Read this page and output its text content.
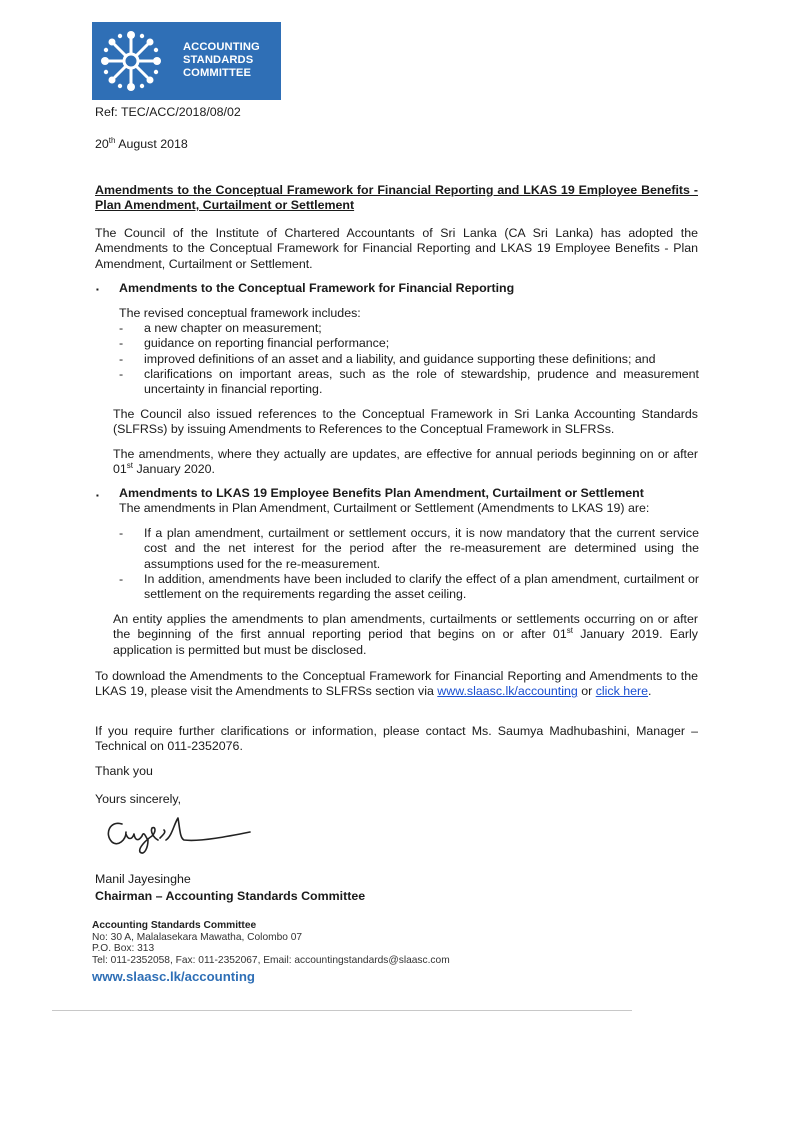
ACCOUNTING
STANDARDS
COMMITTEE
Ref: TEC/ACC/2018/08/02
20th August 2018
Amendments to the Conceptual Framework for Financial Reporting and LKAS 19 Employee Benefits - Plan Amendment, Curtailment or Settlement
The Council of the Institute of Chartered Accountants of Sri Lanka (CA Sri Lanka) has adopted the Amendments to the Conceptual Framework for Financial Reporting and LKAS 19 Employee Benefits - Plan Amendment, Curtailment or Settlement.
▪ Amendments to the Conceptual Framework for Financial Reporting
The revised conceptual framework includes:
- a new chapter on measurement;
- guidance on reporting financial performance;
- improved definitions of an asset and a liability, and guidance supporting these definitions; and
- clarifications on important areas, such as the role of stewardship, prudence and measurement uncertainty in financial reporting.
The Council also issued references to the Conceptual Framework in Sri Lanka Accounting Standards (SLFRSs) by issuing Amendments to References to the Conceptual Framework in SLFRSs.
The amendments, where they actually are updates, are effective for annual periods beginning on or after 01st January 2020.
▪ Amendments to LKAS 19 Employee Benefits Plan Amendment, Curtailment or Settlement
The amendments in Plan Amendment, Curtailment or Settlement (Amendments to LKAS 19) are:
- If a plan amendment, curtailment or settlement occurs, it is now mandatory that the current service cost and the net interest for the period after the re-measurement are determined using the assumptions used for the re-measurement.
- In addition, amendments have been included to clarify the effect of a plan amendment, curtailment or settlement on the requirements regarding the asset ceiling.
An entity applies the amendments to plan amendments, curtailments or settlements occurring on or after the beginning of the first annual reporting period that begins on or after 01st January 2019. Early application is permitted but must be disclosed.
To download the Amendments to the Conceptual Framework for Financial Reporting and Amendments to the LKAS 19, please visit the Amendments to SLFRSs section via www.slaasc.lk/accounting or click here.
If you require further clarifications or information, please contact Ms. Saumya Madhubashini, Manager – Technical on 011-2352076.
Thank you
Yours sincerely,
Manil Jayesinghe
Chairman – Accounting Standards Committee
Accounting Standards Committee
No: 30 A, Malalasekara Mawatha, Colombo 07
P.O. Box: 313
Tel: 011-2352058, Fax: 011-2352067, Email: accountingstandards@slaasc.com
www.slaasc.lk/accounting
